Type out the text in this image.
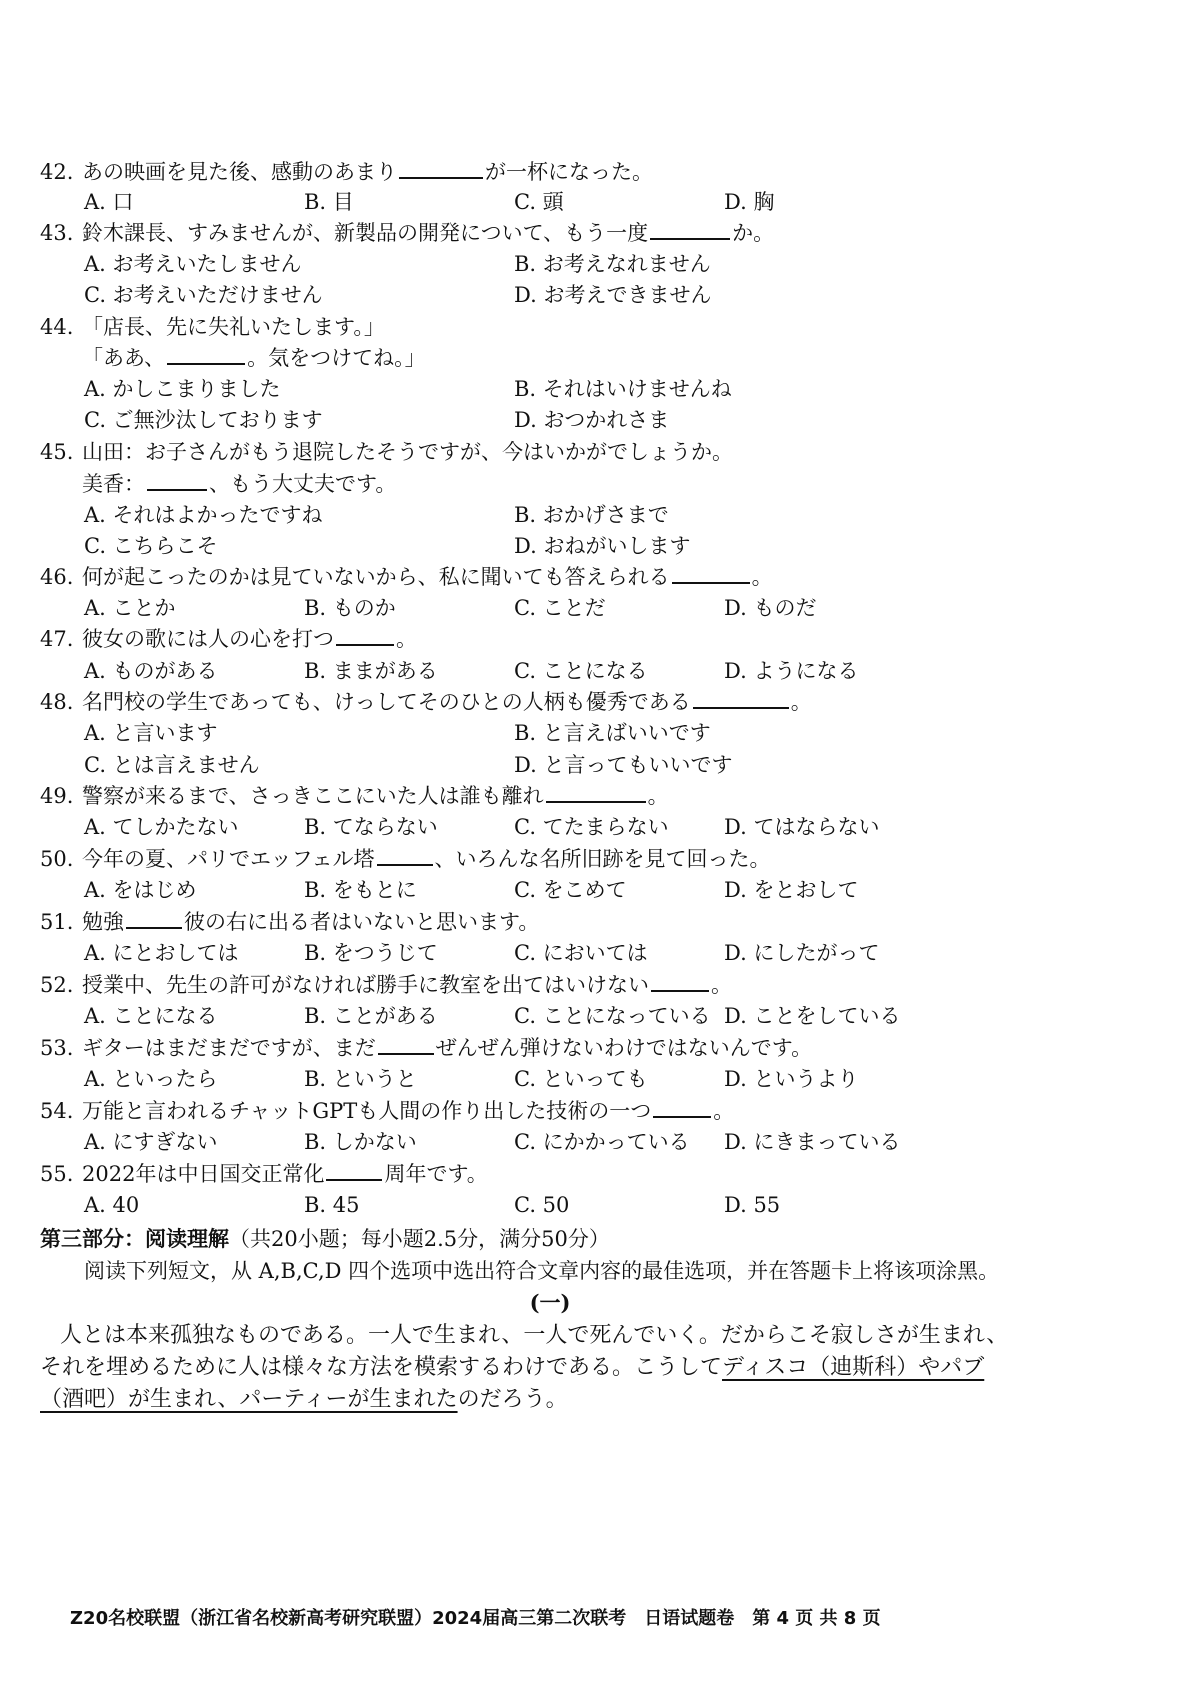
42. あの映画を見た後、感動のあまり	が一杯になった。
A. 口	B. 目	C. 頭	D. 胸
43. 鈴木課長、すみませんが、新製品の開発について、もう一度	か。
A. お考えいたしません	B. お考えなれません
C. お考えいただけません	D. お考えできません
44. 「店長、先に失礼いたします。」
「ああ、	。気をつけてね。」
A. かしこまりました	B. それはいけませんね
C. ご無沙汰しております	D. おつかれさま
45. 山田：お子さんがもう退院したそうですが、今はいかがでしょうか。
美香：	、もう大丈夫です。
A. それはよかったですね	B. おかげさまで
C. こちらこそ	D. おねがいします
46. 何が起こったのかは見ていないから、私に聞いても答えられる	。
A. ことか	B. ものか	C. ことだ	D. ものだ
47. 彼女の歌には人の心を打つ	。
A. ものがある	B. ままがある	C. ことになる	D. ようになる
48. 名門校の学生であっても、けっしてそのひとの人柄も優秀である	。
A. と言います	B. と言えばいいです
C. とは言えません	D. と言ってもいいです
49. 警察が来るまで、さっきここにいた人は誰も離れ	。
A. てしかたない	B. てならない	C. てたまらない	D. てはならない
50. 今年の夏、パリでエッフェル塔	、いろんな名所旧跡を見て回った。
A. をはじめ	B. をもとに	C. をこめて	D. をとおして
51. 勉強	彼の右に出る者はいないと思います。
A. にとおしては	B. をつうじて	C. においては	D. にしたがって
52. 授業中、先生の許可がなければ勝手に教室を出てはいけない	。
A. ことになる	B. ことがある	C. ことになっている D. ことをしている
53. ギターはまだまだですが、まだ	ぜんぜん弾けないわけではないんです。
A. といったら	B. というと	C. といっても	D. というより
54. 万能と言われるチャットGPTも人間の作り出した技術の一つ	。
A. にすぎない	B. しかない	C. にかかっている D. にきまっている
55. 2022年は中日国交正常化	周年です。
A. 40	B. 45	C. 50	D. 55
第三部分：阅读理解（共20小题；每小题2.5分，满分50分）
阅读下列短文，从 A,B,C,D 四个选项中选出符合文章内容的最佳选项，并在答题卡上将该项涂黑。
(一)
人とは本来孤独なものである。一人で生まれ、一人で死んでいく。だからこそ寂しさが生まれ、
それを埋めるために人は様々な方法を模索するわけである。こうしてディスコ（迪斯科）やパブ
（酒吧）が生まれ、パーティーが生まれたのだろう。
Z20名校联盟（浙江省名校新高考研究联盟）2024届高三第二次联考　日语试题卷　第 4 页 共 8 页
